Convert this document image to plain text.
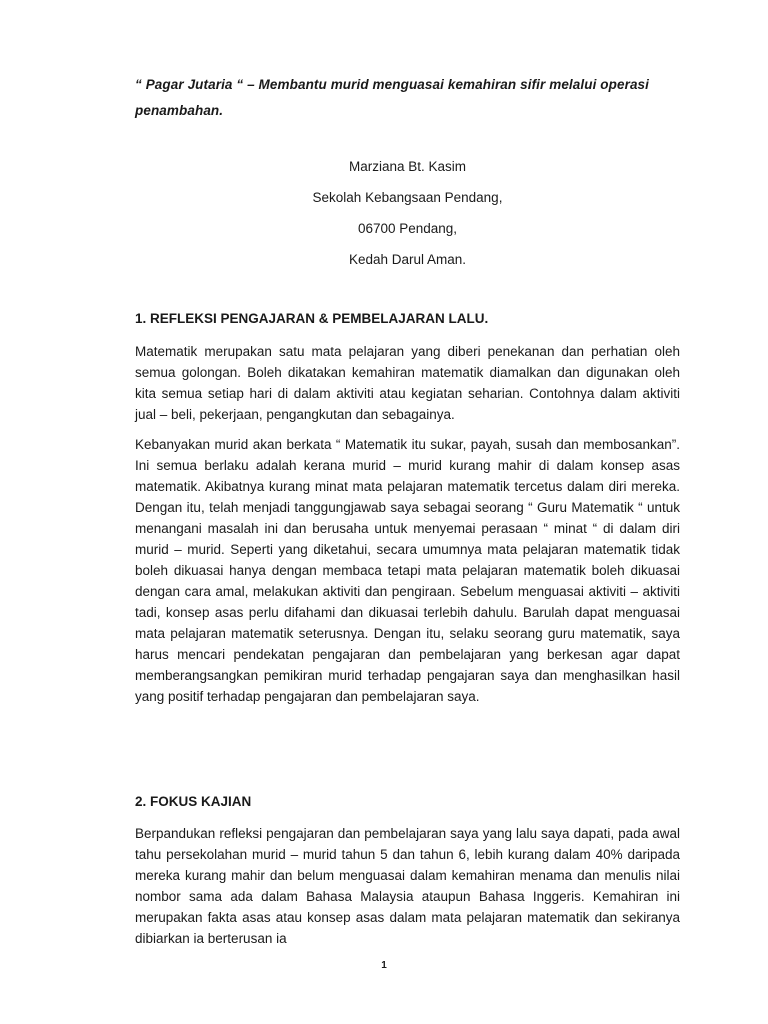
“ Pagar Jutaria “ – Membantu murid menguasai kemahiran sifir melalui operasi penambahan.
Marziana Bt. Kasim
Sekolah Kebangsaan Pendang,
06700 Pendang,
Kedah Darul Aman.
1. REFLEKSI PENGAJARAN & PEMBELAJARAN LALU.
Matematik merupakan satu mata pelajaran yang diberi penekanan dan perhatian oleh semua golongan. Boleh dikatakan kemahiran matematik diamalkan dan digunakan oleh kita semua setiap hari di dalam aktiviti atau kegiatan seharian. Contohnya dalam aktiviti jual – beli, pekerjaan, pengangkutan dan sebagainya.
Kebanyakan murid akan berkata “ Matematik itu sukar, payah, susah dan membosankan”. Ini semua berlaku adalah kerana murid – murid kurang mahir di dalam konsep asas matematik. Akibatnya kurang minat mata pelajaran matematik tercetus dalam diri mereka. Dengan itu, telah menjadi tanggungjawab saya sebagai seorang “ Guru Matematik “ untuk menangani masalah ini dan berusaha untuk menyemai perasaan “ minat “ di dalam diri murid – murid. Seperti yang diketahui, secara umumnya mata pelajaran matematik tidak boleh dikuasai hanya dengan membaca tetapi mata pelajaran matematik boleh dikuasai dengan cara amal, melakukan aktiviti dan pengiraan. Sebelum menguasai aktiviti – aktiviti tadi, konsep asas perlu difahami dan dikuasai terlebih dahulu. Barulah dapat menguasai mata pelajaran matematik seterusnya. Dengan itu, selaku seorang guru matematik, saya harus mencari pendekatan pengajaran dan pembelajaran yang berkesan agar dapat memberangsangkan pemikiran murid terhadap pengajaran saya dan menghasilkan hasil yang positif terhadap pengajaran dan pembelajaran saya.
2. FOKUS KAJIAN
Berpandukan refleksi pengajaran dan pembelajaran saya yang lalu saya dapati, pada awal tahu persekolahan murid – murid tahun 5 dan tahun 6, lebih kurang dalam 40% daripada mereka kurang mahir dan belum menguasai dalam kemahiran menama dan menulis nilai nombor sama ada dalam Bahasa Malaysia ataupun Bahasa Inggeris. Kemahiran ini merupakan fakta asas atau konsep asas dalam mata pelajaran matematik dan sekiranya dibiarkan ia berterusan ia
1
